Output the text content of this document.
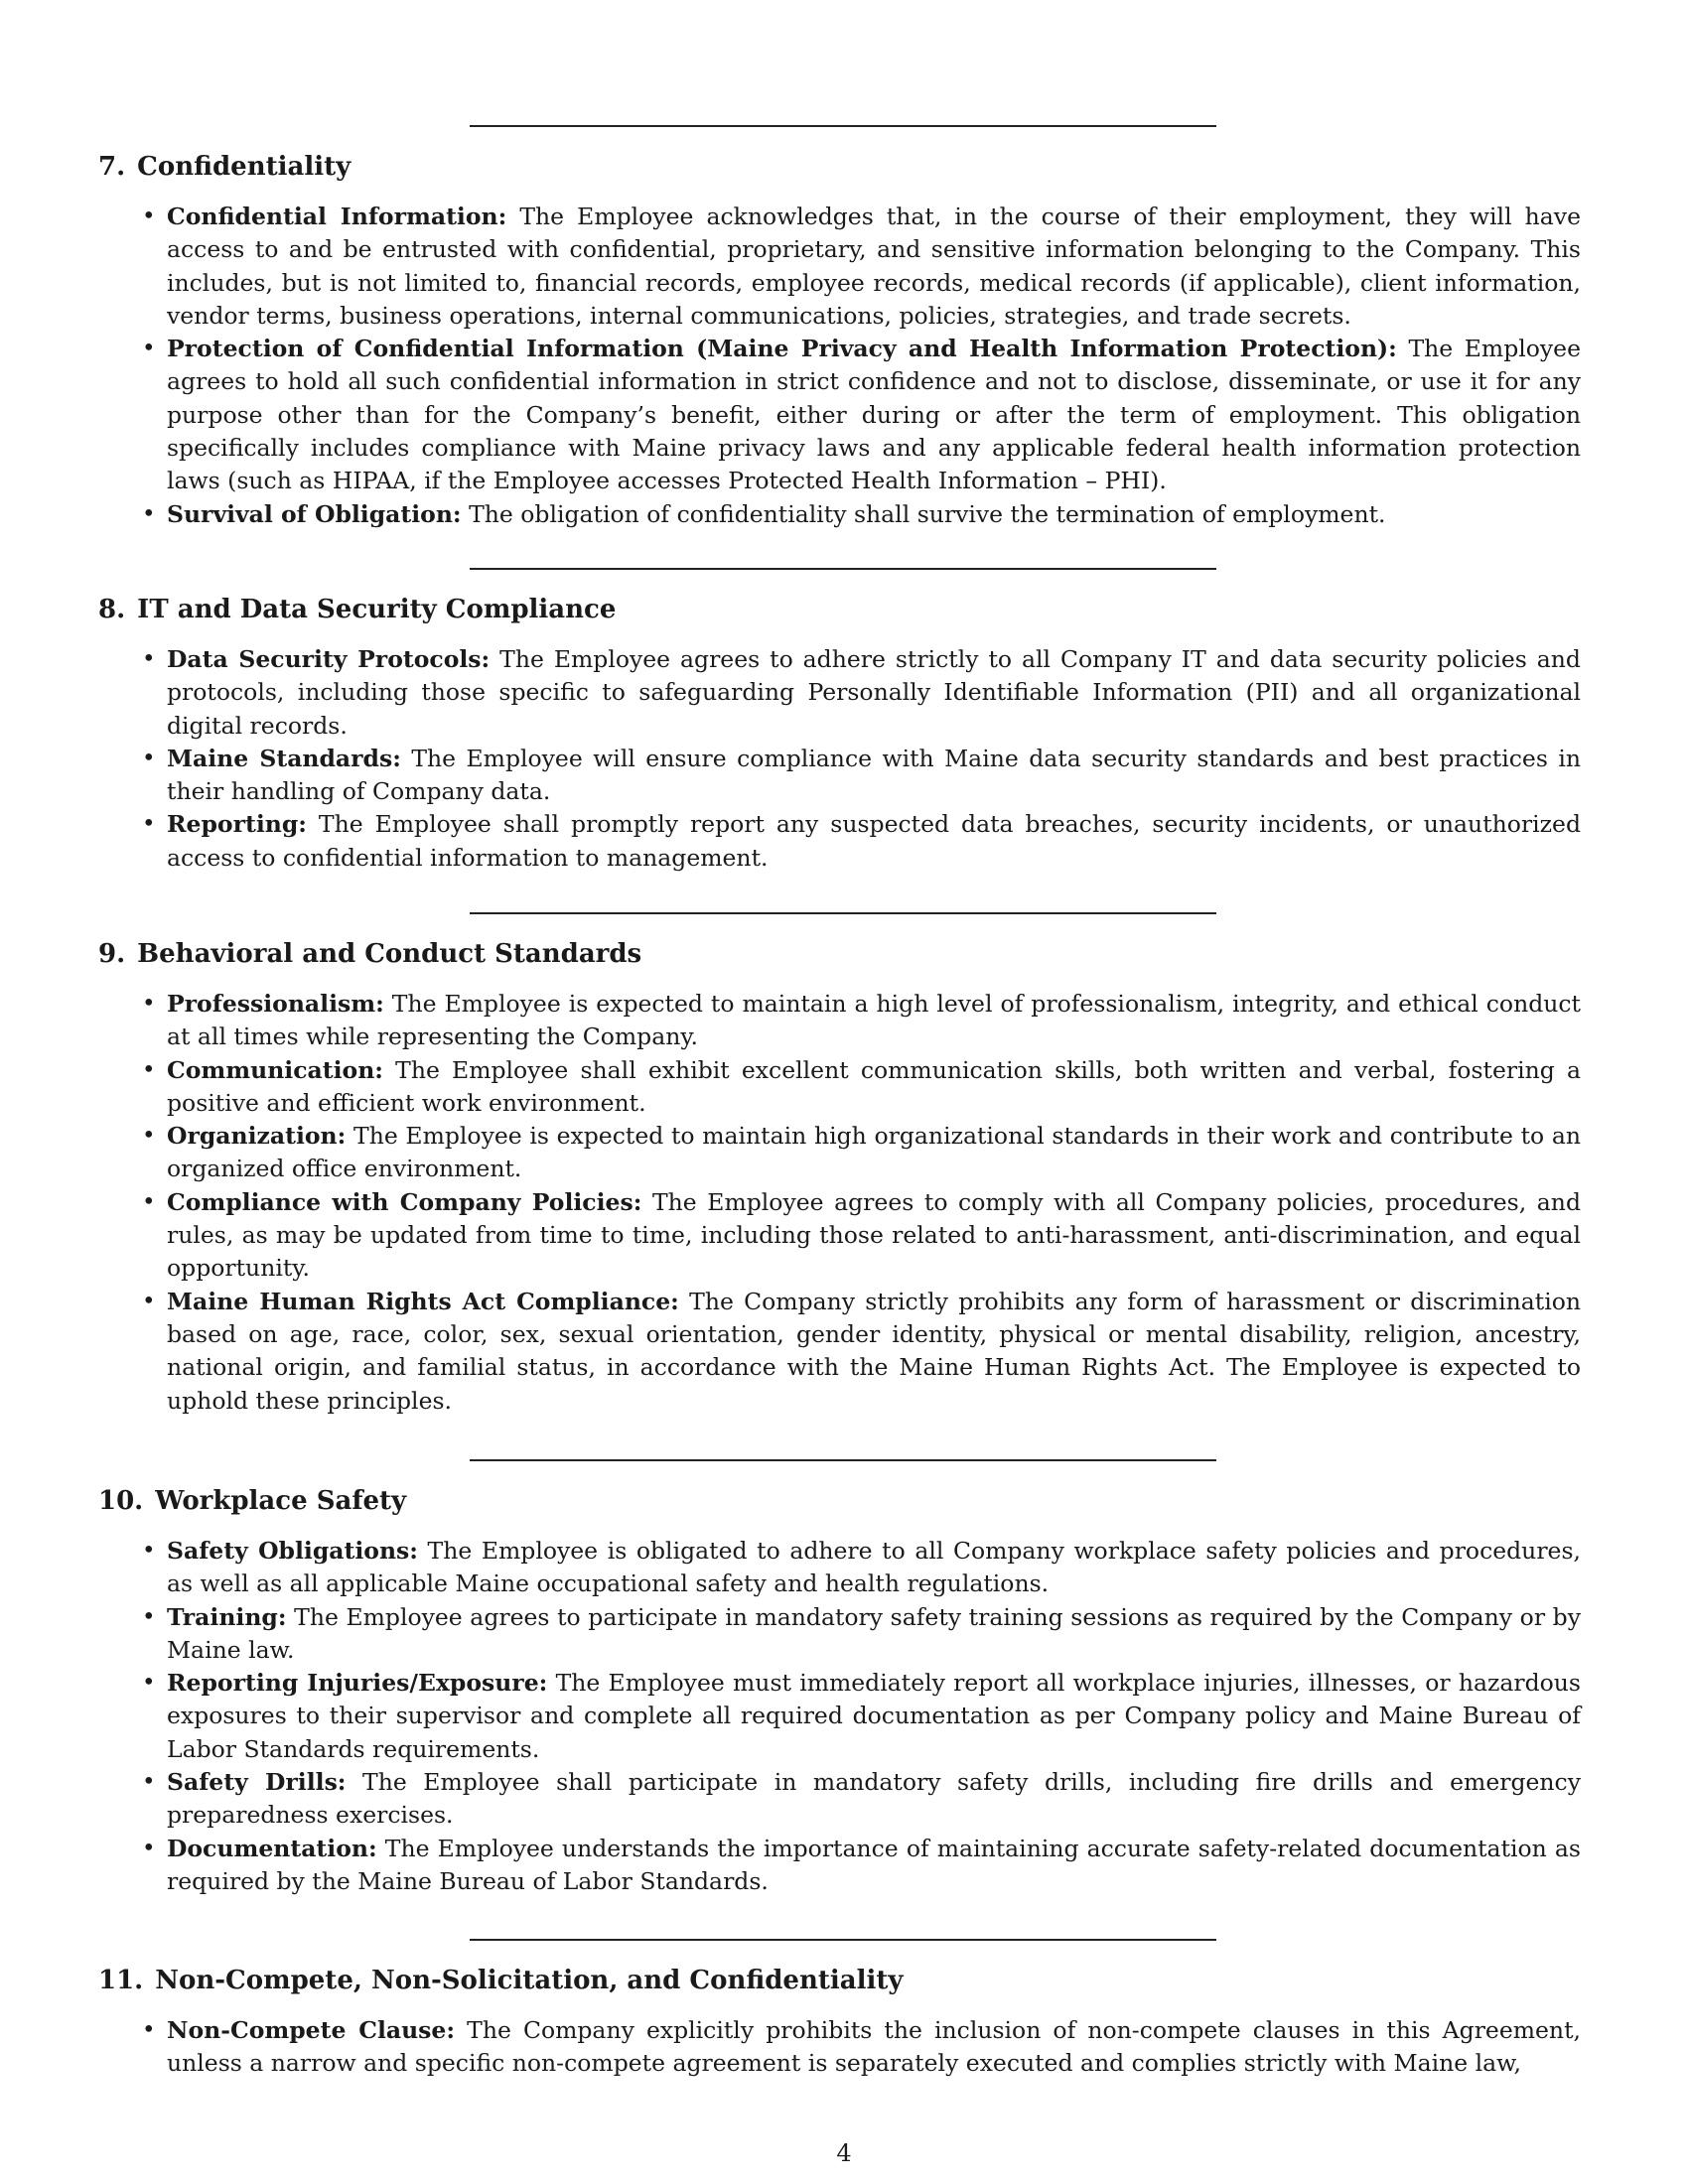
7. Confidentiality
• Confidential Information: The Employee acknowledges that, in the course of their employment, they will have access to and be entrusted with confidential, proprietary, and sensitive information belonging to the Company. This includes, but is not limited to, financial records, employee records, medical records (if applicable), client information, vendor terms, business operations, internal communications, policies, strategies, and trade secrets.
• Protection of Confidential Information (Maine Privacy and Health Information Protection): The Employee agrees to hold all such confidential information in strict confidence and not to disclose, disseminate, or use it for any purpose other than for the Company’s benefit, either during or after the term of employment. This obligation specifically includes compliance with Maine privacy laws and any applicable federal health information protection laws (such as HIPAA, if the Employee accesses Protected Health Information – PHI).
• Survival of Obligation: The obligation of confidentiality shall survive the termination of employment.
8. IT and Data Security Compliance
• Data Security Protocols: The Employee agrees to adhere strictly to all Company IT and data security policies and protocols, including those specific to safeguarding Personally Identifiable Information (PII) and all organizational digital records.
• Maine Standards: The Employee will ensure compliance with Maine data security standards and best practices in their handling of Company data.
• Reporting: The Employee shall promptly report any suspected data breaches, security incidents, or unauthorized access to confidential information to management.
9. Behavioral and Conduct Standards
• Professionalism: The Employee is expected to maintain a high level of professionalism, integrity, and ethical conduct at all times while representing the Company.
• Communication: The Employee shall exhibit excellent communication skills, both written and verbal, fostering a positive and efficient work environment.
• Organization: The Employee is expected to maintain high organizational standards in their work and contribute to an organized office environment.
• Compliance with Company Policies: The Employee agrees to comply with all Company policies, procedures, and rules, as may be updated from time to time, including those related to anti-harassment, anti-discrimination, and equal opportunity.
• Maine Human Rights Act Compliance: The Company strictly prohibits any form of harassment or discrimination based on age, race, color, sex, sexual orientation, gender identity, physical or mental disability, religion, ancestry, national origin, and familial status, in accordance with the Maine Human Rights Act. The Employee is expected to uphold these principles.
10. Workplace Safety
• Safety Obligations: The Employee is obligated to adhere to all Company workplace safety policies and procedures, as well as all applicable Maine occupational safety and health regulations.
• Training: The Employee agrees to participate in mandatory safety training sessions as required by the Company or by Maine law.
• Reporting Injuries/Exposure: The Employee must immediately report all workplace injuries, illnesses, or hazardous exposures to their supervisor and complete all required documentation as per Company policy and Maine Bureau of Labor Standards requirements.
• Safety Drills: The Employee shall participate in mandatory safety drills, including fire drills and emergency preparedness exercises.
• Documentation: The Employee understands the importance of maintaining accurate safety-related documentation as required by the Maine Bureau of Labor Standards.
11. Non-Compete, Non-Solicitation, and Confidentiality
• Non-Compete Clause: The Company explicitly prohibits the inclusion of non-compete clauses in this Agreement, unless a narrow and specific non-compete agreement is separately executed and complies strictly with Maine law,
4
